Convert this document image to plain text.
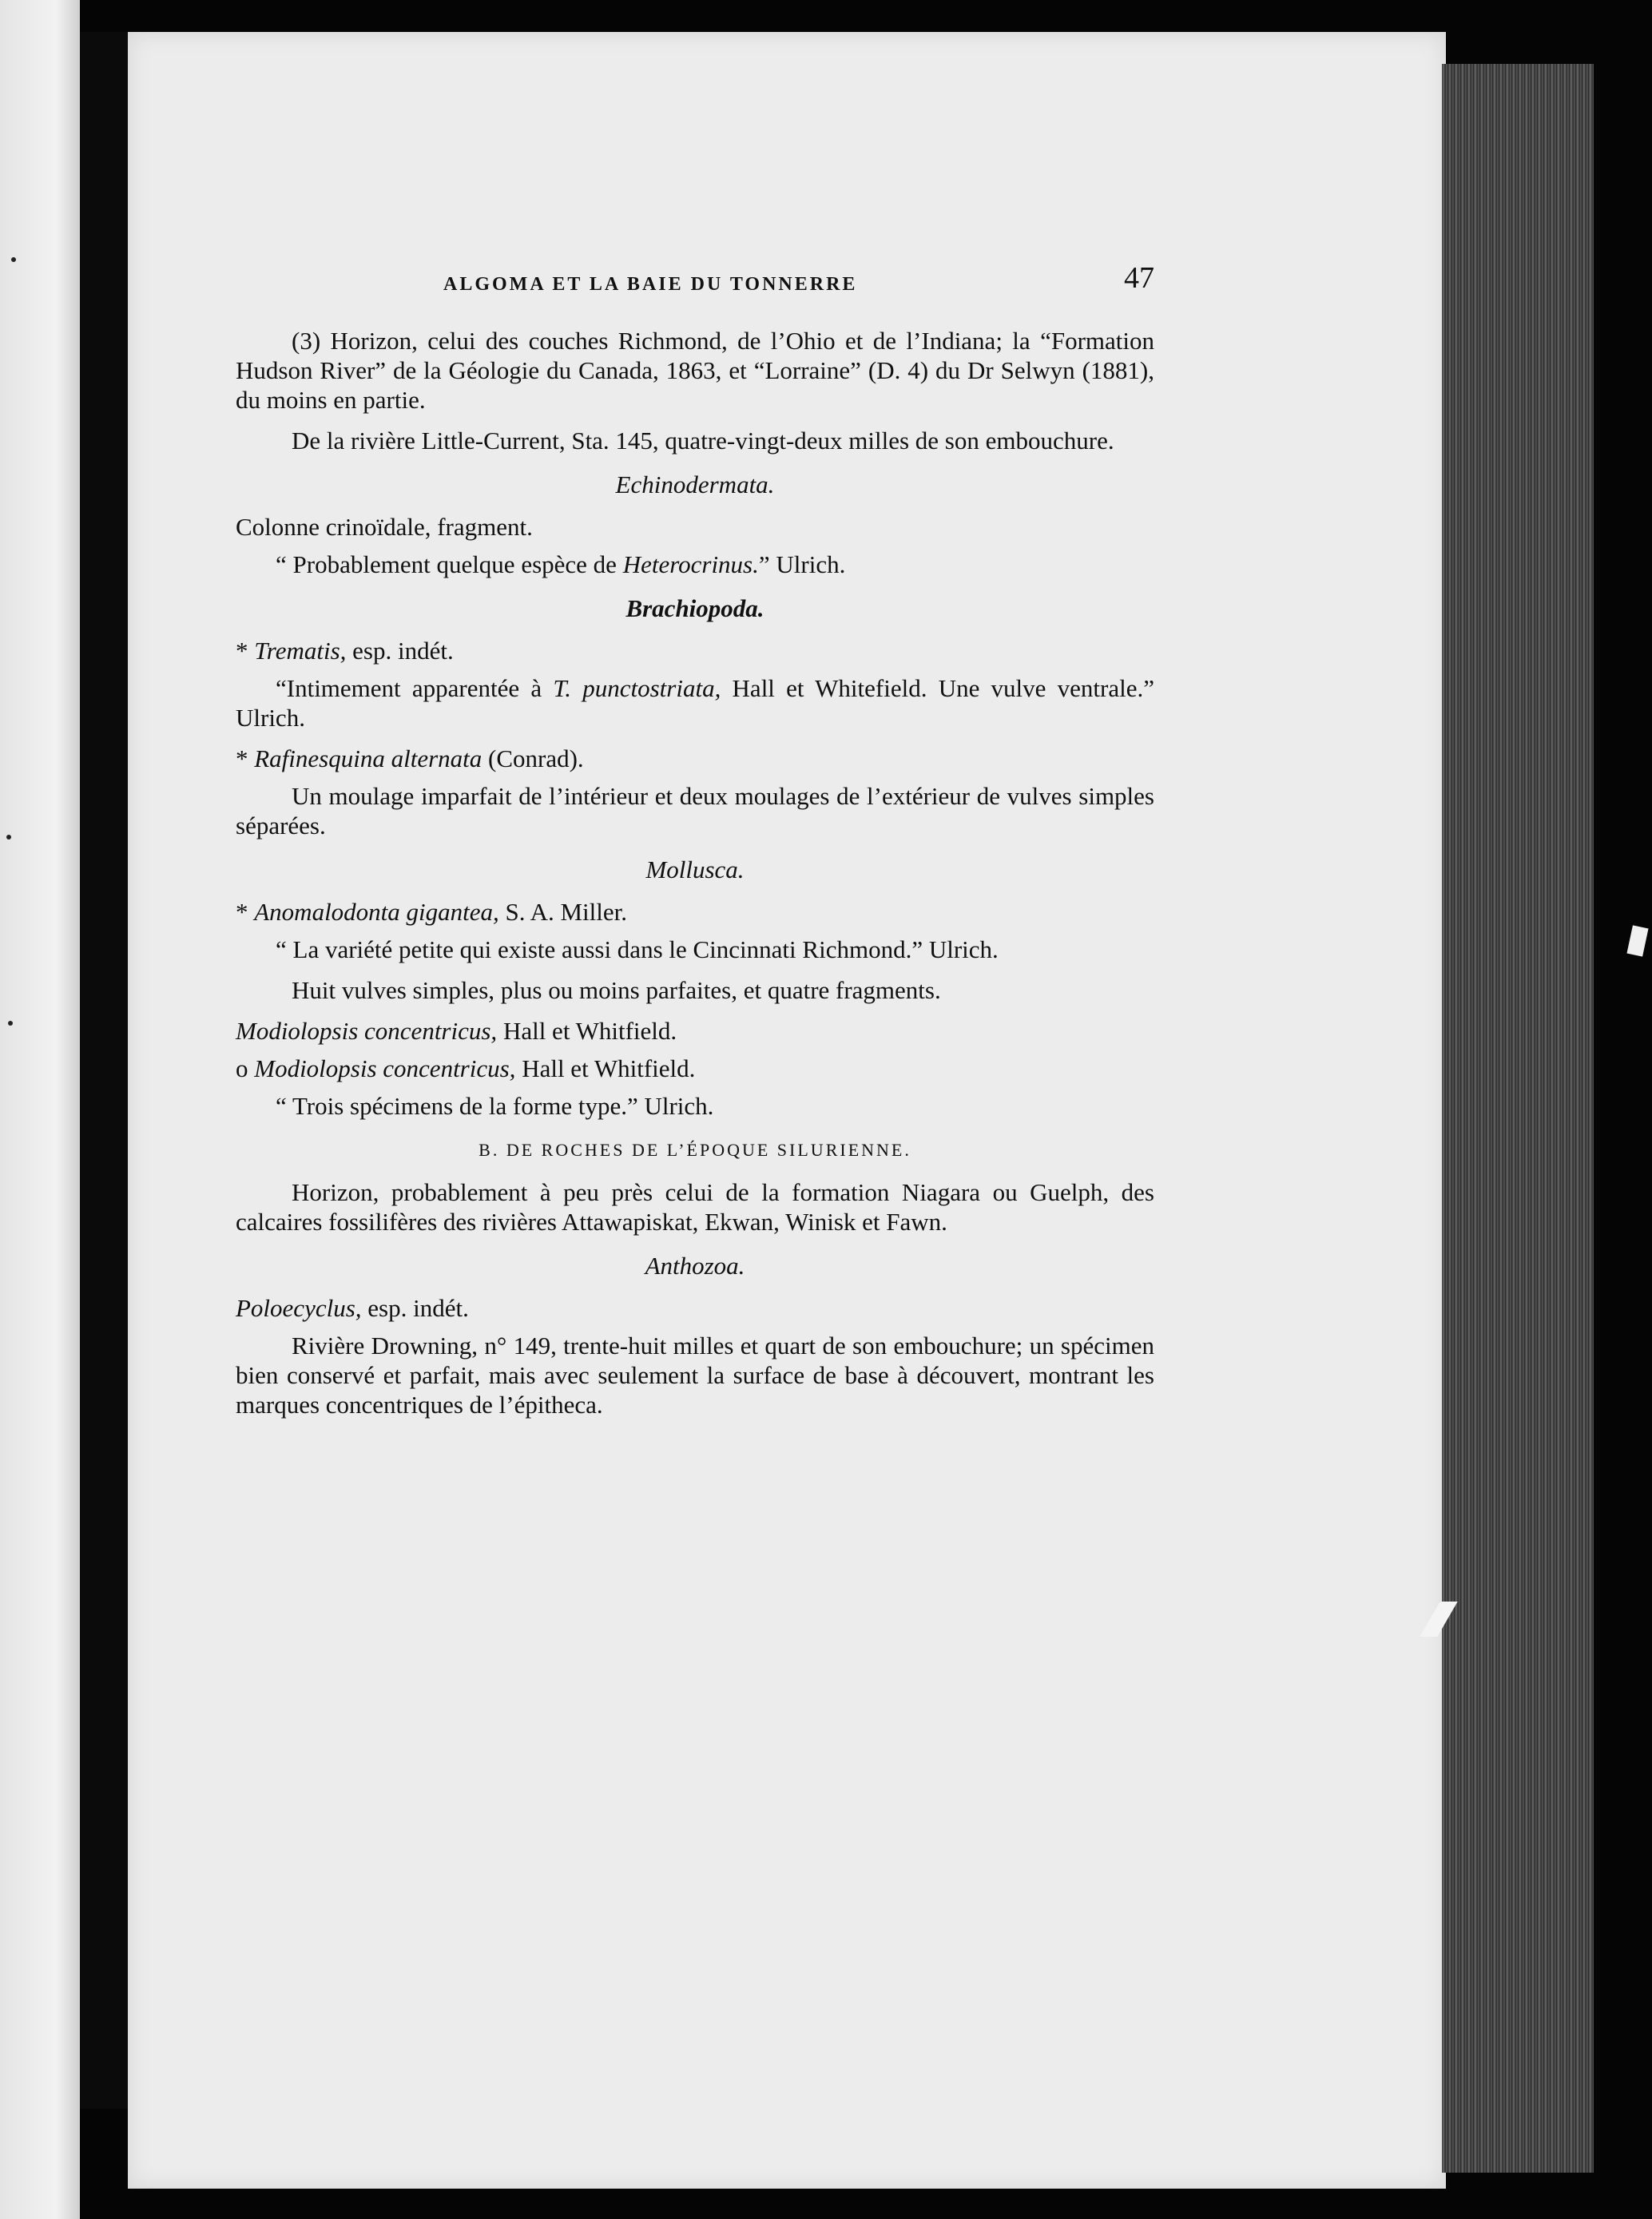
ALGOMA ET LA BAIE DU TONNERRE	47

(3) Horizon, celui des couches Richmond, de l’Ohio et de l’Indiana; la “Formation Hudson River” de la Géologie du Canada, 1863, et “Lorraine” (D. 4) du Dr Selwyn (1881), du moins en partie.

De la rivière Little-Current, Sta. 145, quatre-vingt-deux milles de son embouchure.

Echinodermata.

Colonne crinoïdale, fragment.

“ Probablement quelque espèce de Heterocrinus.” Ulrich.

Brachiopoda.

* Trematis, esp. indét.

“Intimement apparentée à T. punctostriata, Hall et Whitefield. Une vulve ventrale.” Ulrich.

* Rafinesquina alternata (Conrad).

Un moulage imparfait de l’intérieur et deux moulages de l’extérieur de vulves simples séparées.

Mollusca.

* Anomalodonta gigantea, S. A. Miller.

“ La variété petite qui existe aussi dans le Cincinnati Richmond.” Ulrich.

Huit vulves simples, plus ou moins parfaites, et quatre fragments.

Modiolopsis concentricus, Hall et Whitfield.

o Modiolopsis concentricus, Hall et Whitfield.

“ Trois spécimens de la forme type.” Ulrich.

B. DE ROCHES DE L’ÉPOQUE SILURIENNE.

Horizon, probablement à peu près celui de la formation Niagara ou Guelph, des calcaires fossilifères des rivières Attawapiskat, Ekwan, Winisk et Fawn.

Anthozoa.

Poloecyclus, esp. indét.

Rivière Drowning, n° 149, trente-huit milles et quart de son embouchure; un spécimen bien conservé et parfait, mais avec seulement la surface de base à découvert, montrant les marques concentriques de l’épitheca.
